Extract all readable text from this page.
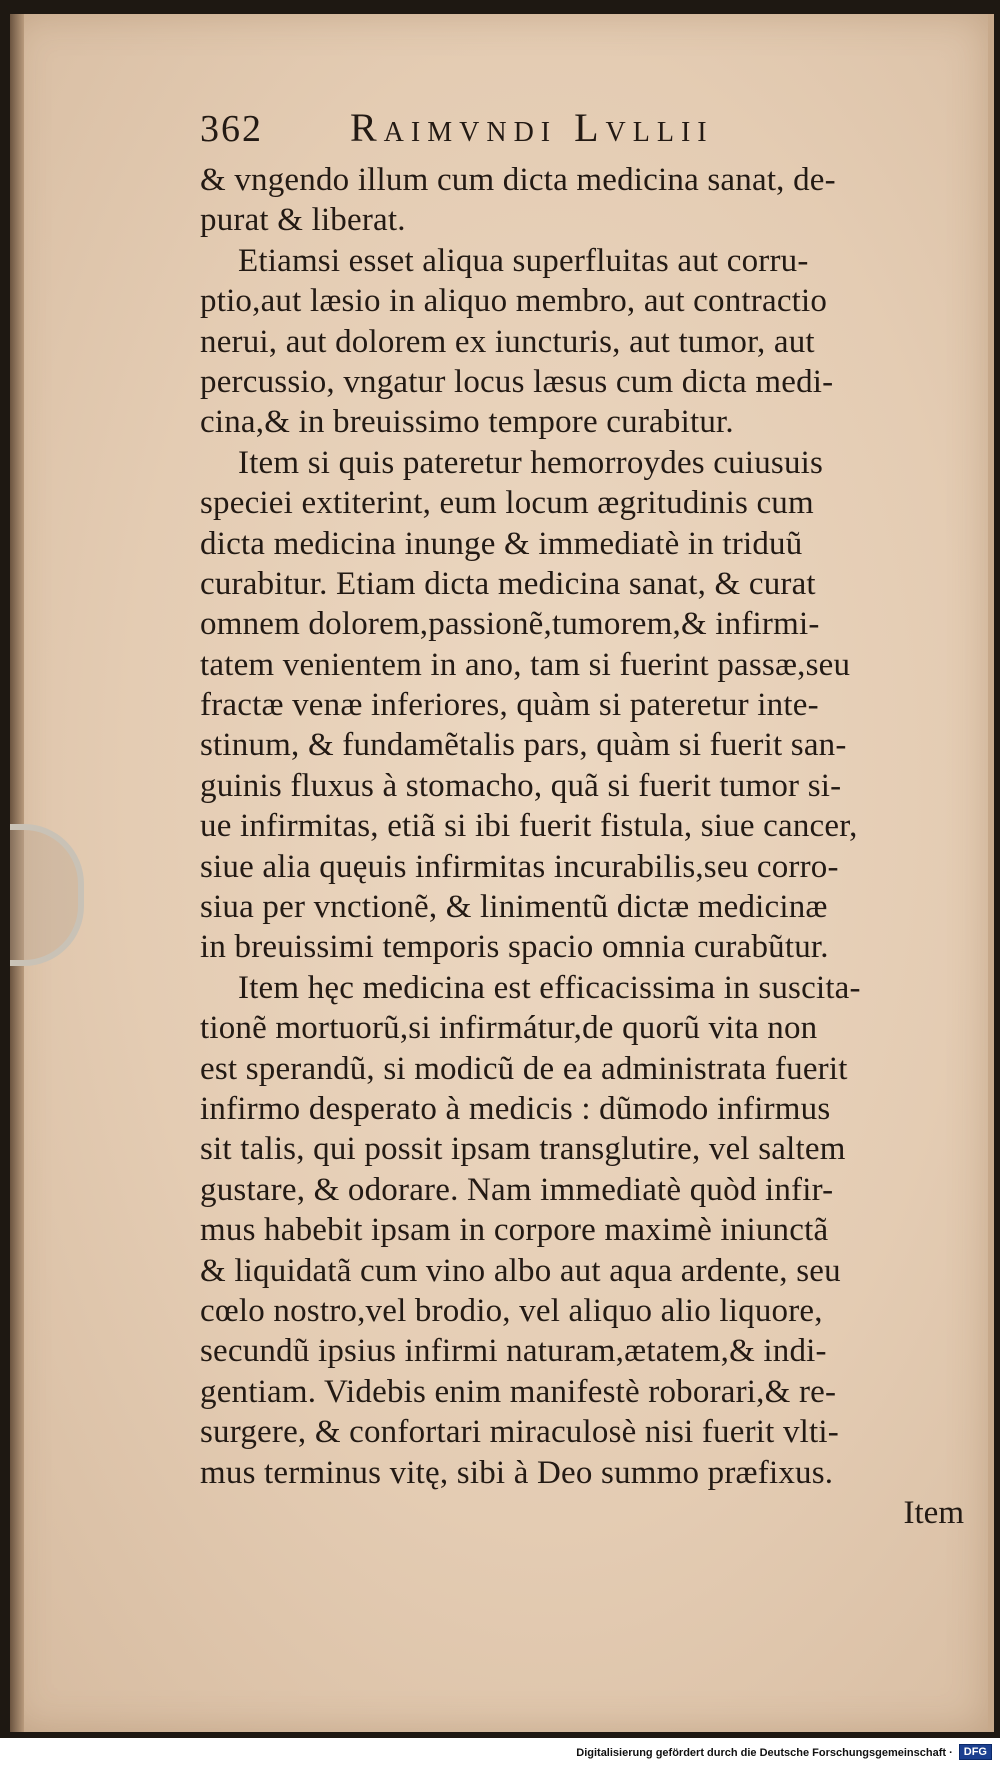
362	Raimvndi Lvllii
& vngendo illum cum dicta medicina sanat, de-
purat & liberat.
Etiamsi esset aliqua superfluitas aut corru-
ptio,aut læsio in aliquo membro, aut contractio
nerui, aut dolorem ex iuncturis, aut tumor, aut
percussio, vngatur locus læsus cum dicta medi-
cina,& in breuissimo tempore curabitur.
Item si quis pateretur hemorroydes cuiusuis
speciei extiterint, eum locum ægritudinis cum
dicta medicina inunge & immediatè in triduũ
curabitur. Etiam dicta medicina sanat, & curat
omnem dolorem,passionẽ,tumorem,& infirmi-
tatem venientem in ano, tam si fuerint passæ,seu
fractæ venæ inferiores, quàm si pateretur inte-
stinum, & fundamẽtalis pars, quàm si fuerit san-
guinis fluxus à stomacho, quã si fuerit tumor si-
ue infirmitas, etiã si ibi fuerit fistula, siue cancer,
siue alia quęuis infirmitas incurabilis,seu corro-
siua per vnctionẽ, & linimentũ dictæ medicinæ
in breuissimi temporis spacio omnia curabũtur.
Item hęc medicina est efficacissima in suscita-
tionẽ mortuorũ,si infirmátur,de quorũ vita non
est sperandũ, si modicũ de ea administrata fuerit
infirmo desperato à medicis : dũmodo infirmus
sit talis, qui possit ipsam transglutire, vel saltem
gustare, & odorare. Nam immediatè quòd infir-
mus habebit ipsam in corpore maximè iniunctã
& liquidatã cum vino albo aut aqua ardente, seu
cœlo nostro,vel brodio, vel aliquo alio liquore,
secundũ ipsius infirmi naturam,ætatem,& indi-
gentiam. Videbis enim manifestè roborari,& re-
surgere, & confortari miraculosè nisi fuerit vlti-
mus terminus vitę, sibi à Deo summo præfixus.
Item
Digitalisierung gefördert durch die Deutsche Forschungsgemeinschaft · DFG
